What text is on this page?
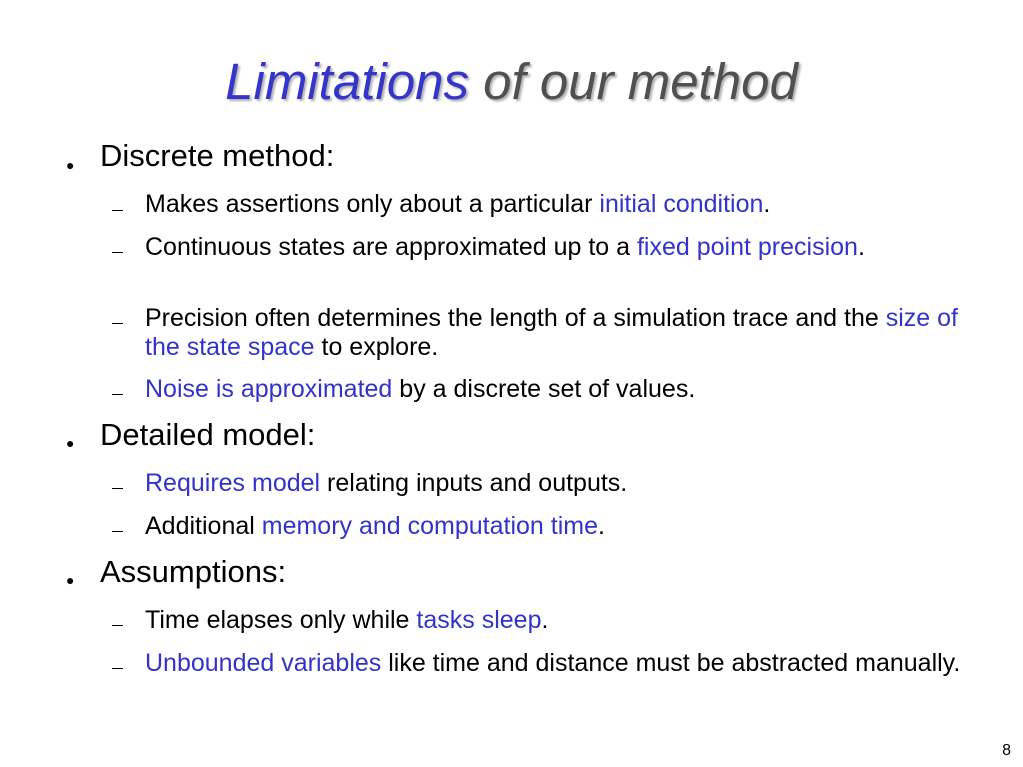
Limitations of our method
● Discrete method:
Makes assertions only about a particular initial condition.
Continuous states are approximated up to a fixed point precision.
Precision often determines the length of a simulation trace and the size of the state space to explore.
Noise is approximated by a discrete set of values.
● Detailed model:
Requires model relating inputs and outputs.
Additional memory and computation time.
● Assumptions:
Time elapses only while tasks sleep.
Unbounded variables like time and distance must be abstracted manually.
8
